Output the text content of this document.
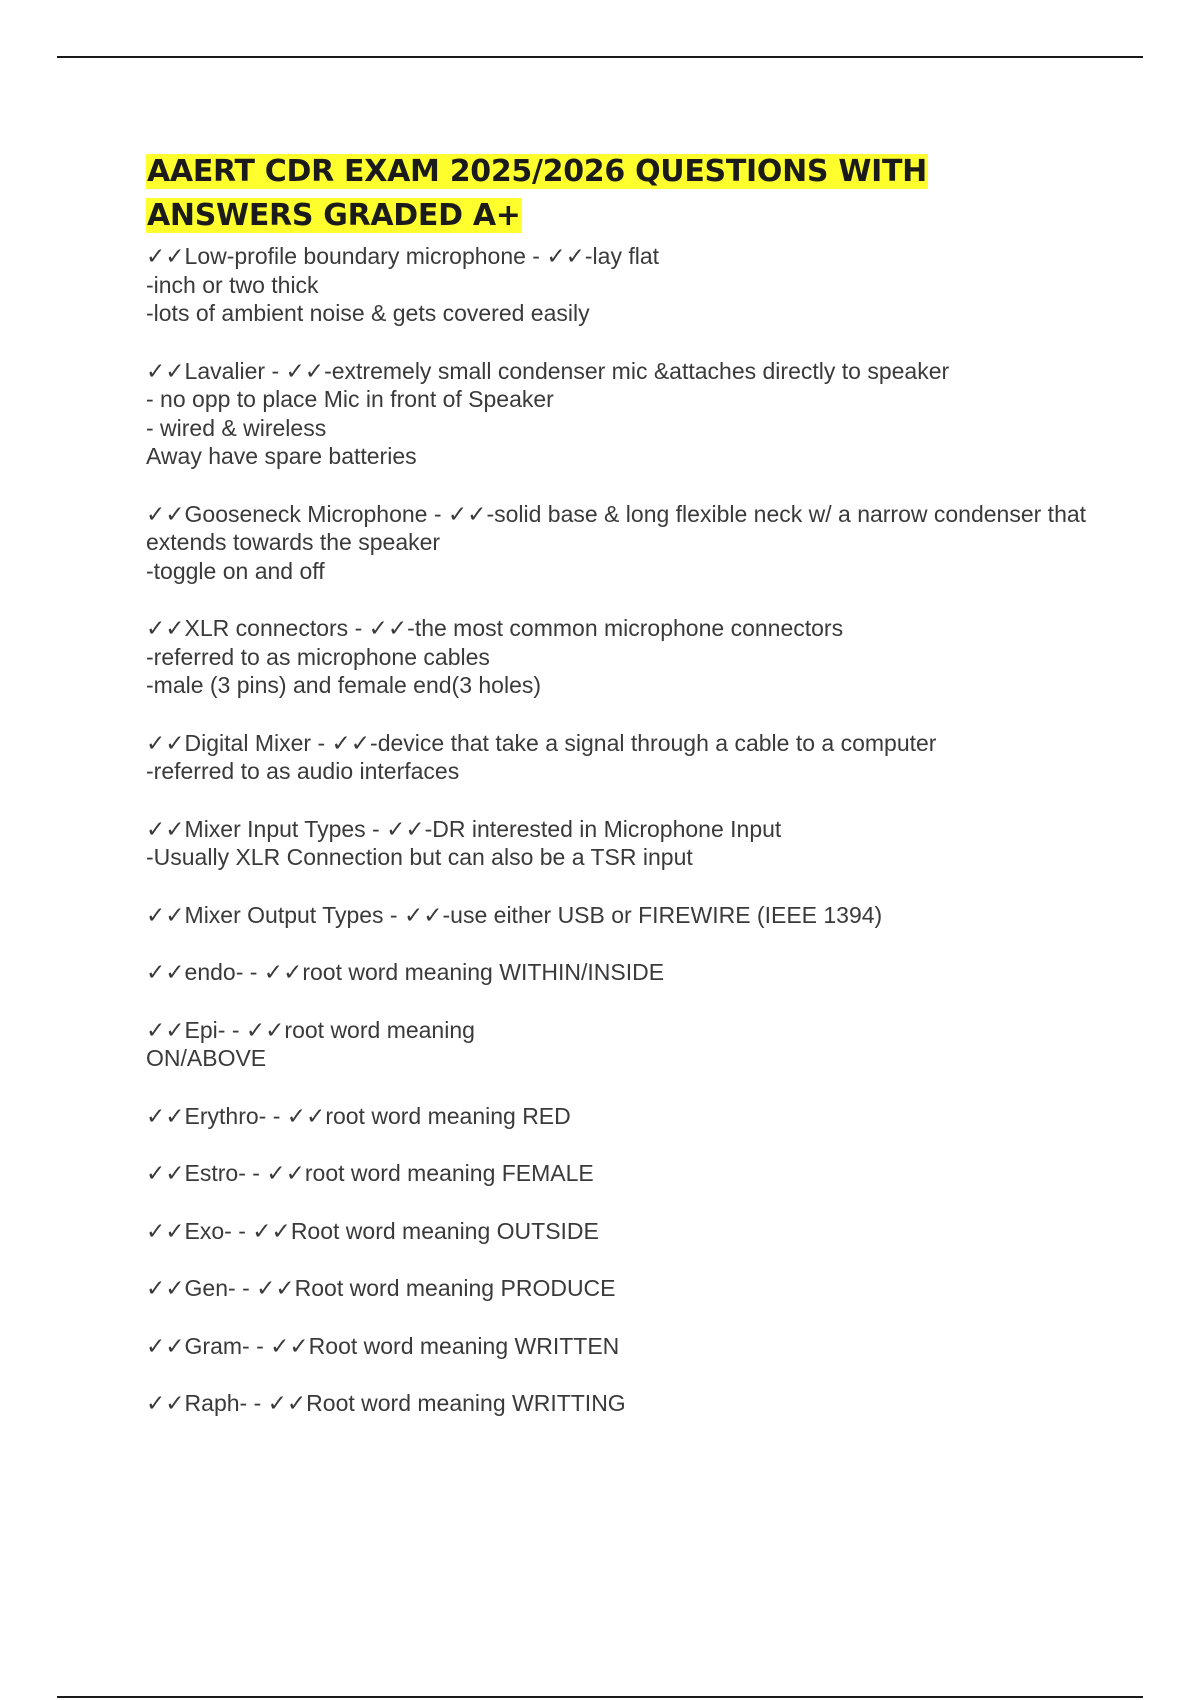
AAERT CDR EXAM 2025/2026 QUESTIONS WITH ANSWERS GRADED A+
✓✓Low-profile boundary microphone - ✓✓-lay flat
-inch or two thick
-lots of ambient noise & gets covered easily
✓✓Lavalier - ✓✓-extremely small condenser mic &attaches directly to speaker
- no opp to place Mic in front of Speaker
- wired & wireless
Away have spare batteries
✓✓Gooseneck Microphone - ✓✓-solid base & long flexible neck w/ a narrow condenser that extends towards the speaker
-toggle on and off
✓✓XLR connectors - ✓✓-the most common microphone connectors
-referred to as microphone cables
-male (3 pins) and female end(3 holes)
✓✓Digital Mixer - ✓✓-device that take a signal through a cable to a computer
-referred to as audio interfaces
✓✓Mixer Input Types - ✓✓-DR interested in Microphone Input
-Usually XLR Connection but can also be a TSR input
✓✓Mixer Output Types - ✓✓-use either USB or FIREWIRE (IEEE 1394)
✓✓endo- - ✓✓root word meaning WITHIN/INSIDE
✓✓Epi- - ✓✓root word meaning
ON/ABOVE
✓✓Erythro- - ✓✓root word meaning RED
✓✓Estro- - ✓✓root word meaning FEMALE
✓✓Exo- - ✓✓Root word meaning OUTSIDE
✓✓Gen- - ✓✓Root word meaning PRODUCE
✓✓Gram- - ✓✓Root word meaning WRITTEN
✓✓Raph- - ✓✓Root word meaning WRITTING
